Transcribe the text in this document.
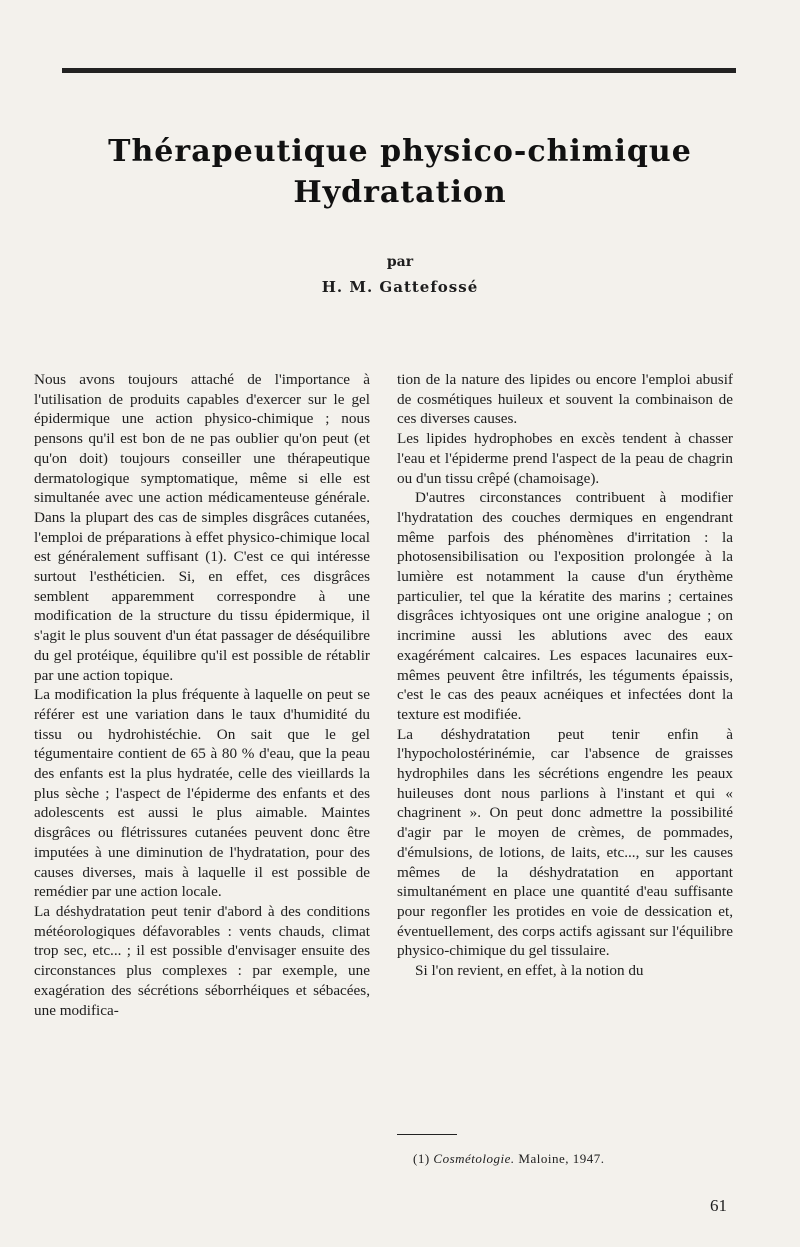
Thérapeutique physico-chimique
Hydratation
par
H. M. Gattefossé

Nous avons toujours attaché de l'importance à l'utilisation de produits capables d'exercer sur le gel épidermique une action physico-chimique ; nous pensons qu'il est bon de ne pas oublier qu'on peut (et qu'on doit) toujours conseiller une thérapeutique dermatologique symptomatique, même si elle est simultanée avec une action médicamenteuse générale. Dans la plupart des cas de simples disgrâces cutanées, l'emploi de préparations à effet physico-chimique local est généralement suffisant (1). C'est ce qui intéresse surtout l'esthéticien. Si, en effet, ces disgrâces semblent apparemment correspondre à une modification de la structure du tissu épidermique, il s'agit le plus souvent d'un état passager de déséquilibre du gel protéique, équilibre qu'il est possible de rétablir par une action topique.

La modification la plus fréquente à laquelle on peut se référer est une variation dans le taux d'humidité du tissu ou hydrohistéchie. On sait que le gel tégumentaire contient de 65 à 80 % d'eau, que la peau des enfants est la plus hydratée, celle des vieillards la plus sèche ; l'aspect de l'épiderme des enfants et des adolescents est aussi le plus aimable. Maintes disgrâces ou flétrissures cutanées peuvent donc être imputées à une diminution de l'hydratation, pour des causes diverses, mais à laquelle il est possible de remédier par une action locale.

La déshydratation peut tenir d'abord à des conditions météorologiques défavorables : vents chauds, climat trop sec, etc... ; il est possible d'envisager ensuite des circonstances plus complexes : par exemple, une exagération des sécrétions séborrhéiques et sébacées, une modifica-

tion de la nature des lipides ou encore l'emploi abusif de cosmétiques huileux et souvent la combinaison de ces diverses causes.

Les lipides hydrophobes en excès tendent à chasser l'eau et l'épiderme prend l'aspect de la peau de chagrin ou d'un tissu crêpé (chamoisage).

D'autres circonstances contribuent à modifier l'hydratation des couches dermiques en engendrant même parfois des phénomènes d'irritation : la photosensibilisation ou l'exposition prolongée à la lumière est notamment la cause d'un érythème particulier, tel que la kératite des marins ; certaines disgrâces ichtyosiques ont une origine analogue ; on incrimine aussi les ablutions avec des eaux exagérément calcaires. Les espaces lacunaires eux-mêmes peuvent être infiltrés, les téguments épaissis, c'est le cas des peaux acnéiques et infectées dont la texture est modifiée.

La déshydratation peut tenir enfin à l'hypocholostérinémie, car l'absence de graisses hydrophiles dans les sécrétions engendre les peaux huileuses dont nous parlions à l'instant et qui « chagrinent ». On peut donc admettre la possibilité d'agir par le moyen de crèmes, de pommades, d'émulsions, de lotions, de laits, etc..., sur les causes mêmes de la déshydratation en apportant simultanément en place une quantité d'eau suffisante pour regonfler les protides en voie de dessication et, éventuellement, des corps actifs agissant sur l'équilibre physico-chimique du gel tissulaire.

Si l'on revient, en effet, à la notion du

(1) Cosmétologie. Maloine, 1947.
61
